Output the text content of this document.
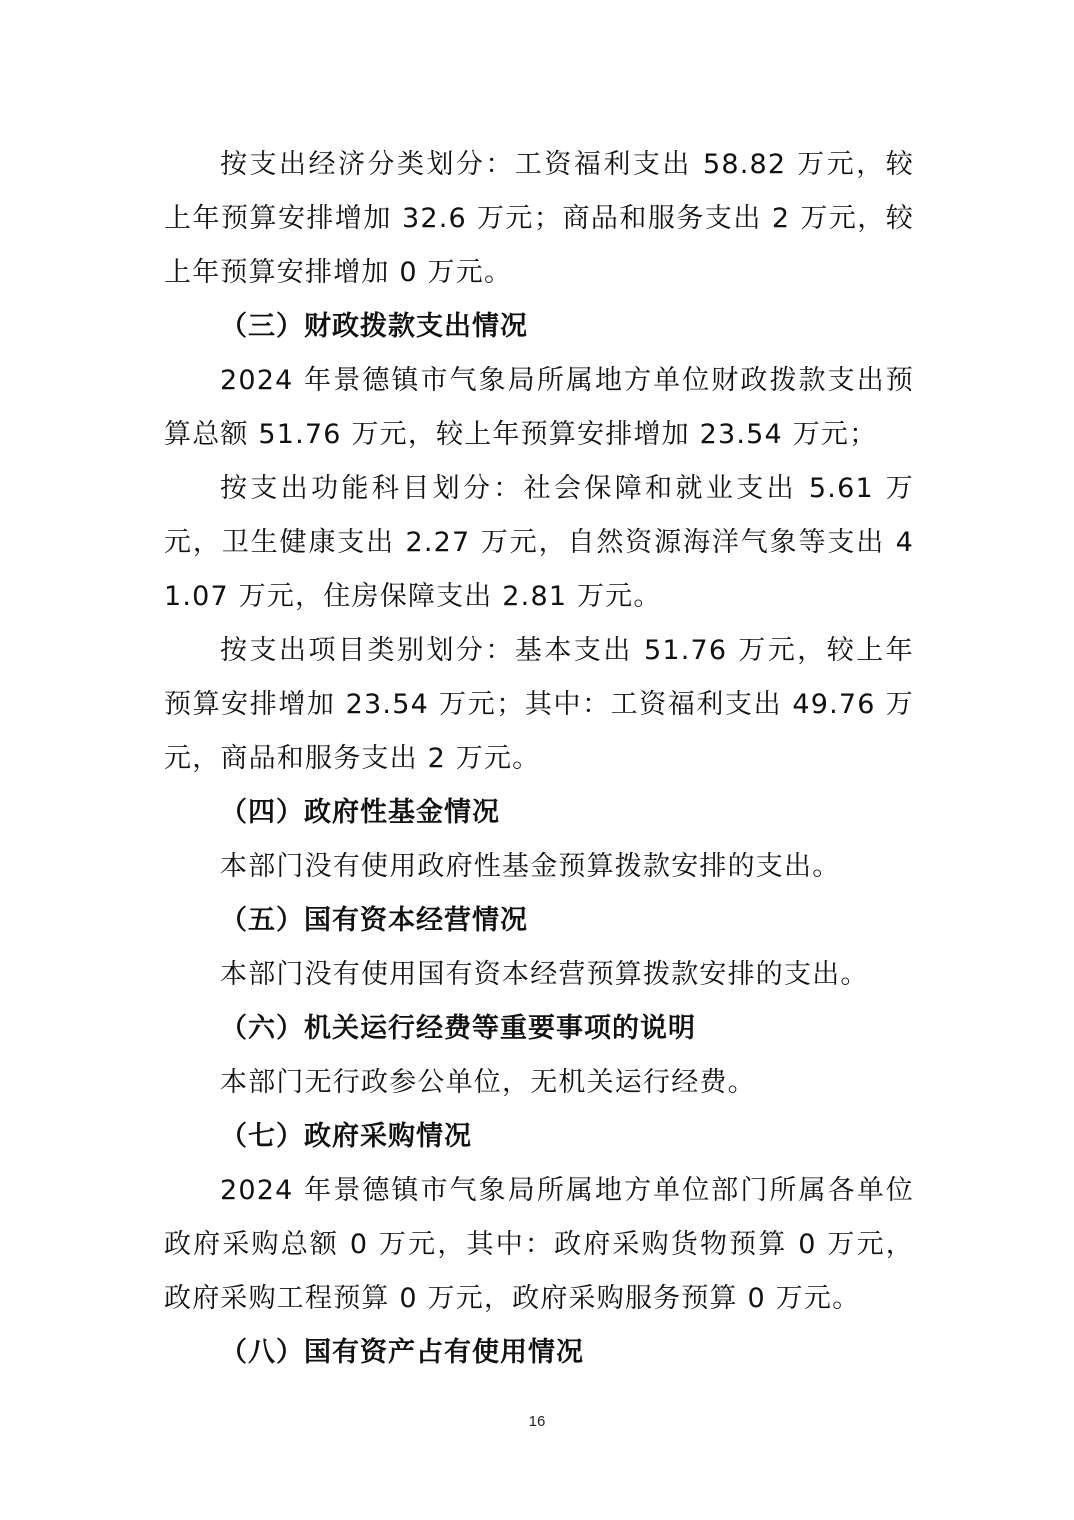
按支出经济分类划分：工资福利支出 58.82 万元，较上年预算安排增加 32.6 万元；商品和服务支出 2 万元，较上年预算安排增加 0 万元。

（三）财政拨款支出情况

2024 年景德镇市气象局所属地方单位财政拨款支出预算总额 51.76 万元，较上年预算安排增加 23.54 万元；

按支出功能科目划分：社会保障和就业支出 5.61 万元，卫生健康支出 2.27 万元，自然资源海洋气象等支出 41.07 万元，住房保障支出 2.81 万元。

按支出项目类别划分：基本支出 51.76 万元，较上年预算安排增加 23.54 万元；其中：工资福利支出 49.76 万元，商品和服务支出 2 万元。

（四）政府性基金情况

本部门没有使用政府性基金预算拨款安排的支出。

（五）国有资本经营情况

本部门没有使用国有资本经营预算拨款安排的支出。

（六）机关运行经费等重要事项的说明

本部门无行政参公单位，无机关运行经费。

（七）政府采购情况

2024 年景德镇市气象局所属地方单位部门所属各单位政府采购总额 0 万元，其中：政府采购货物预算 0 万元，政府采购工程预算 0 万元，政府采购服务预算 0 万元。

（八）国有资产占有使用情况

16
